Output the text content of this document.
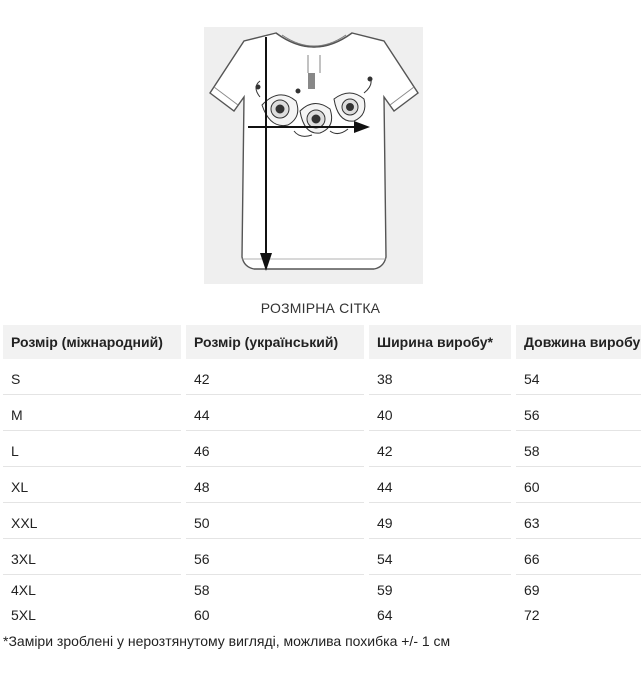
РОЗМІРНА СІТКА
Розмір (міжнародний)	Розмір (український)	Ширина виробу*	Довжина виробу
S	42	38	54
M	44	40	56
L	46	42	58
XL	48	44	60
XXL	50	49	63
3XL	56	54	66
4XL	58	59	69
5XL	60	64	72
*Заміри зроблені у нерозтянутому вигляді, можлива похибка +/- 1 см
